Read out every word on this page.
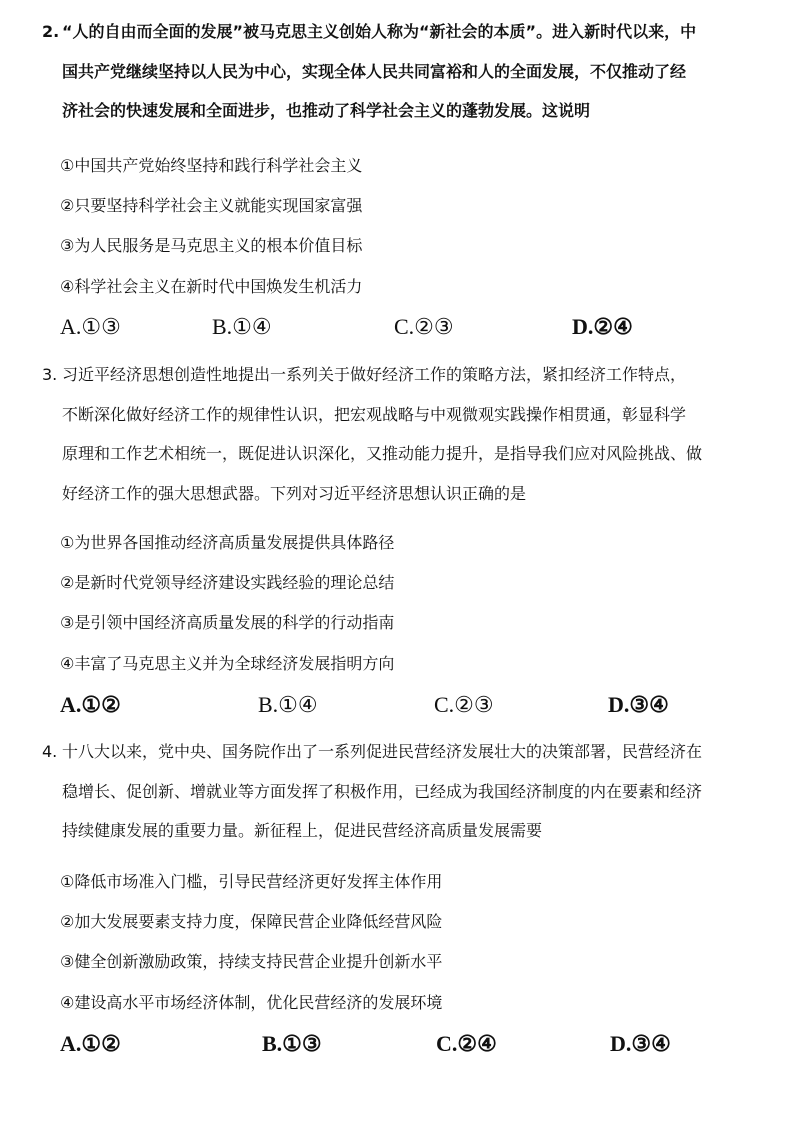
2. “人的自由而全面的发展”被马克思主义创始人称为“新社会的本质”。进入新时代以来，中
国共产党继续坚持以人民为中心，实现全体人民共同富裕和人的全面发展，不仅推动了经
济社会的快速发展和全面进步，也推动了科学社会主义的蓬勃发展。这说明
①中国共产党始终坚持和践行科学社会主义
②只要坚持科学社会主义就能实现国家富强
③为人民服务是马克思主义的根本价值目标
④科学社会主义在新时代中国焕发生机活力
A.①③	B.①④	C.②③	D.②④
3. 习近平经济思想创造性地提出一系列关于做好经济工作的策略方法，紧扣经济工作特点，
不断深化做好经济工作的规律性认识，把宏观战略与中观微观实践操作相贯通，彰显科学
原理和工作艺术相统一，既促进认识深化，又推动能力提升，是指导我们应对风险挑战、做
好经济工作的强大思想武器。下列对习近平经济思想认识正确的是
①为世界各国推动经济高质量发展提供具体路径
②是新时代党领导经济建设实践经验的理论总结
③是引领中国经济高质量发展的科学的行动指南
④丰富了马克思主义并为全球经济发展指明方向
A.①②	B.①④	C.②③	D.③④
4. 十八大以来，党中央、国务院作出了一系列促进民营经济发展壮大的决策部署，民营经济在
稳增长、促创新、增就业等方面发挥了积极作用，已经成为我国经济制度的内在要素和经济
持续健康发展的重要力量。新征程上，促进民营经济高质量发展需要
①降低市场准入门槛，引导民营经济更好发挥主体作用
②加大发展要素支持力度，保障民营企业降低经营风险
③健全创新激励政策，持续支持民营企业提升创新水平
④建设高水平市场经济体制，优化民营经济的发展环境
A.①②	B.①③	C.②④	D.③④
